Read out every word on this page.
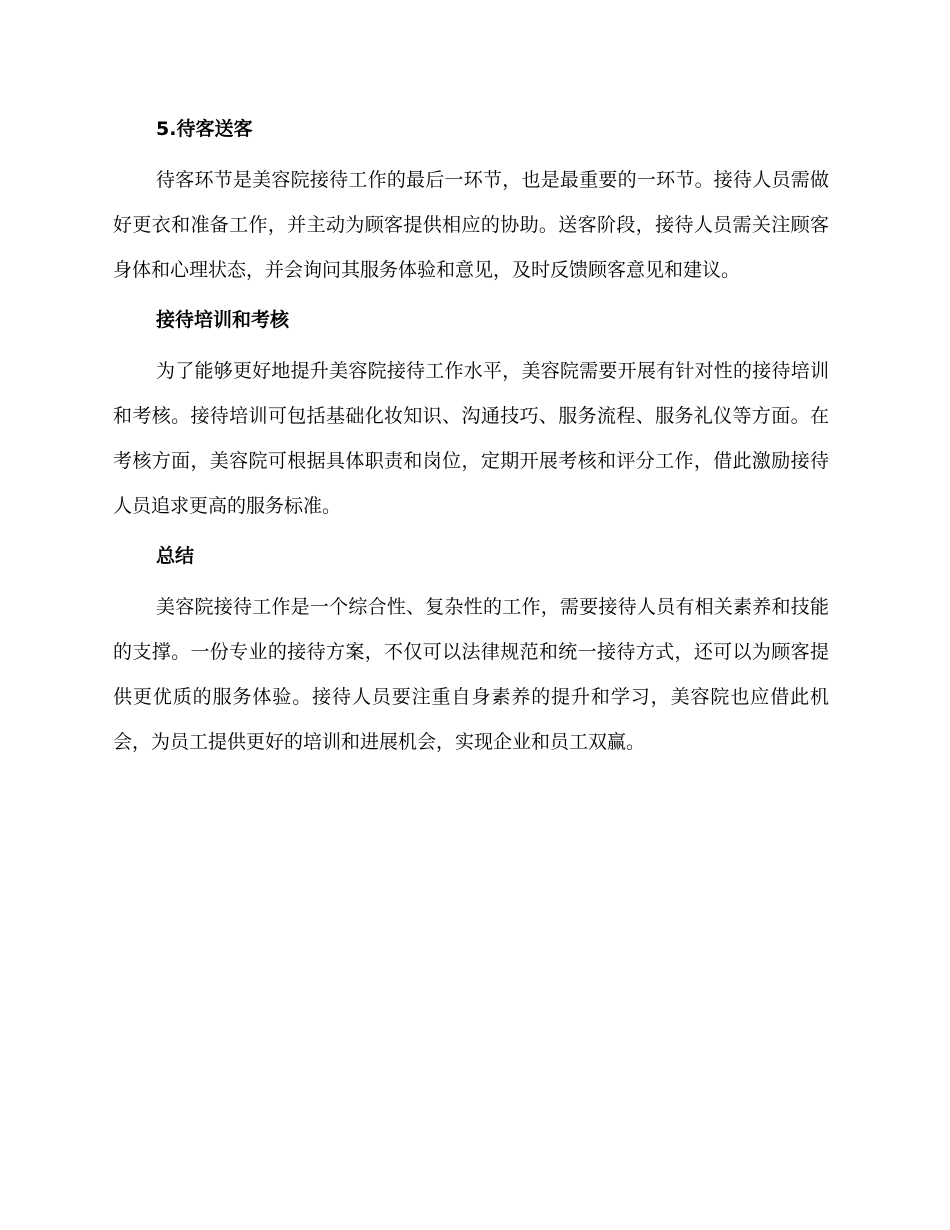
5.待客送客

待客环节是美容院接待工作的最后一环节，也是最重要的一环节。接待人员需做好更衣和准备工作，并主动为顾客提供相应的协助。送客阶段，接待人员需关注顾客身体和心理状态，并会询问其服务体验和意见，及时反馈顾客意见和建议。

接待培训和考核

为了能够更好地提升美容院接待工作水平，美容院需要开展有针对性的接待培训和考核。接待培训可包括基础化妆知识、沟通技巧、服务流程、服务礼仪等方面。在考核方面，美容院可根据具体职责和岗位，定期开展考核和评分工作，借此激励接待人员追求更高的服务标准。

总结

美容院接待工作是一个综合性、复杂性的工作，需要接待人员有相关素养和技能的支撑。一份专业的接待方案，不仅可以法律规范和统一接待方式，还可以为顾客提供更优质的服务体验。接待人员要注重自身素养的提升和学习，美容院也应借此机会，为员工提供更好的培训和进展机会，实现企业和员工双赢。
